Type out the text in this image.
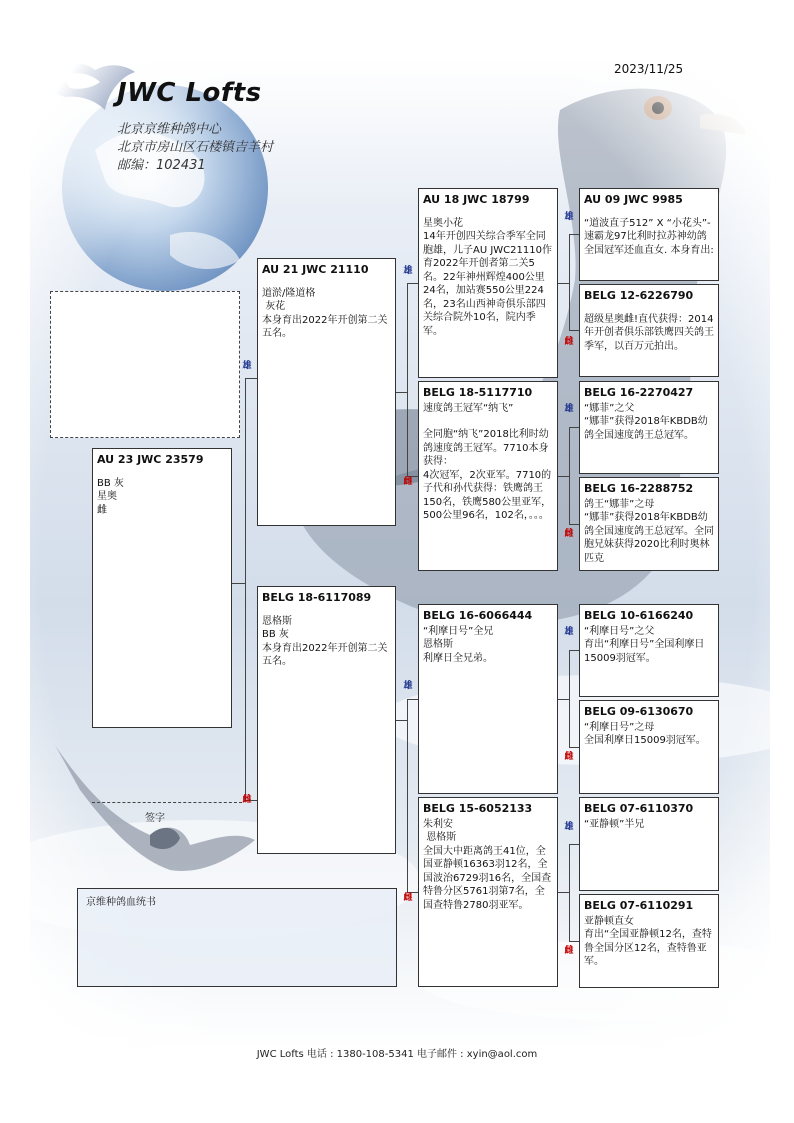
JWC Lofts
北京京维种鸽中心
北京市房山区石楼镇吉羊村
邮编：102431
2023/11/25
AU 23 JWC 23579
BB 灰
星奥
雌
AU 21 JWC 21110
道淤/隆道格
灰花
本身育出2022年开创第二关五名。
BELG 18-6117089
恩格斯
BB 灰
本身育出2022年开创第二关五名。
AU 18 JWC 18799
星奥小花
14年开创四关综合季军全同胞雄，儿子AU JWC21110作育2022年开创者第二关5名。22年神州辉煌400公里24名，加站赛550公里224名，23名山西神奇俱乐部四关综合院外10名，院内季军。
BELG 18-5117710
速度鸽王冠军“纳飞”
全同胞“纳飞”2018比利时幼鸽速度鸽王冠军。7710本身获得：
4次冠军，2次亚军。7710的子代和孙代获得：铁鹰鸽王150名，铁鹰580公里亚军，500公里96名，102名，。。。
BELG 16-6066444
“利摩日号”全兄
恩格斯
利摩日全兄弟。
BELG 15-6052133
朱利安
恩格斯
全国大中距离鸽王41位，全国亚静顿16363羽12名，全国波治6729羽16名，全国查特鲁分区5761羽第7名，全国查特鲁2780羽亚军。
AU 09 JWC 9985
“道波直子512” X “小花头”-速霸龙97比利时拉苏神幼鸽全国冠军还血直女. 本身育出:
BELG 12-6226790
超级星奥雌!直代获得：2014年开创者俱乐部铁鹰四关鸽王季军，以百万元拍出。
BELG 16-2270427
“娜菲”之父
“娜菲”获得2018年KBDB幼鸽全国速度鸽王总冠军。
BELG 16-2288752
鸽王“娜菲”之母
“娜菲”获得2018年KBDB幼鸽全国速度鸽王总冠军。全同胞兄妹获得2020比利时奥林匹克
BELG 10-6166240
“利摩日号”之父
育出“利摩日号”全国利摩日15009羽冠军。
BELG 09-6130670
“利摩日号”之母
全国利摩日15009羽冠军。
BELG 07-6110370
“亚静顿”半兄
BELG 07-6110291
亚静顿直女
育出“全国亚静顿12名，查特鲁全国分区12名，查特鲁亚军。
雄
雌
雄
雌
雄
雌
雄
雌
雄
雌
雄
雌
雄
雌
签字
京维种鸽血统书
JWC Lofts 电话 : 1380-108-5341 电子邮件 : xyin@aol.com
